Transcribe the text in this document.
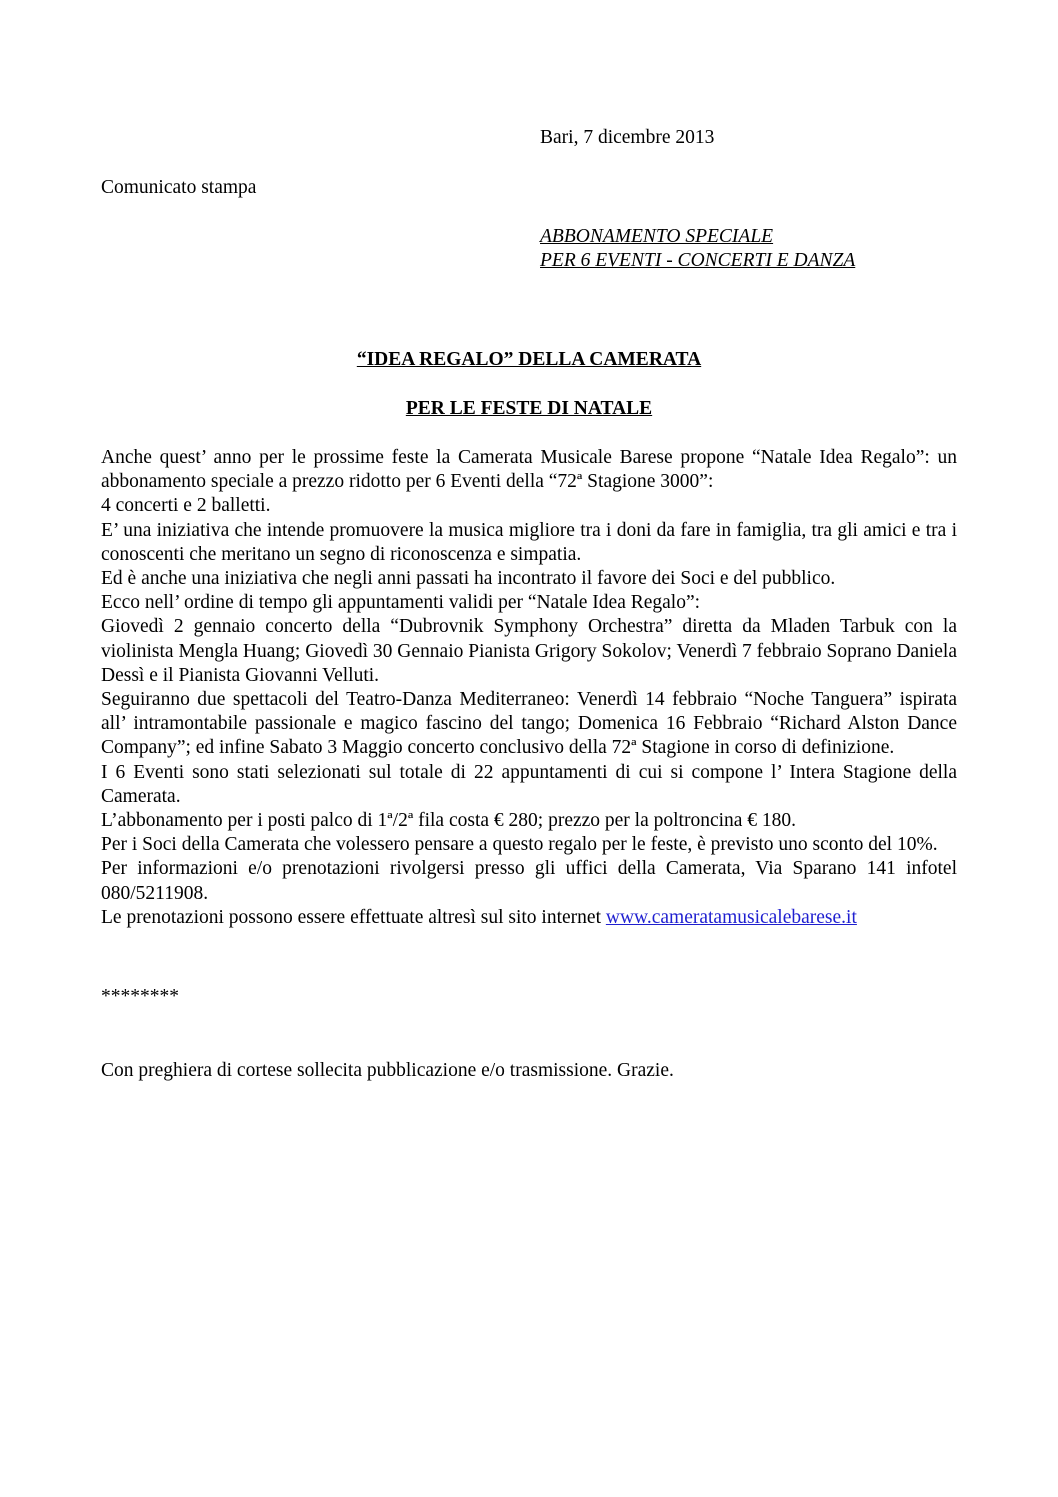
Bari, 7 dicembre 2013
Comunicato stampa
ABBONAMENTO SPECIALE
PER 6 EVENTI - CONCERTI E DANZA
“IDEA REGALO” DELLA CAMERATA
PER LE FESTE DI NATALE

Anche quest’ anno per le prossime feste la Camerata Musicale Barese propone “Natale Idea Regalo”: un abbonamento speciale a prezzo ridotto per 6 Eventi della “72ª Stagione 3000”:

4 concerti e 2 balletti.

E’ una iniziativa che intende promuovere la musica migliore tra i doni da fare in famiglia, tra gli amici e tra i conoscenti che meritano un segno di riconoscenza e simpatia.

Ed è anche una iniziativa che negli anni passati ha incontrato il favore dei Soci e del pubblico.

Ecco nell’ ordine di tempo gli appuntamenti validi per “Natale Idea Regalo”:

Giovedì 2 gennaio concerto della “Dubrovnik Symphony Orchestra” diretta da Mladen Tarbuk con la violinista Mengla Huang; Giovedì 30 Gennaio Pianista Grigory Sokolov; Venerdì 7 febbraio Soprano Daniela Dessì e il Pianista Giovanni Velluti.

Seguiranno due spettacoli del Teatro-Danza Mediterraneo: Venerdì 14 febbraio “Noche Tanguera” ispirata all’ intramontabile passionale e magico fascino del tango; Domenica 16 Febbraio “Richard Alston Dance Company”; ed infine Sabato 3 Maggio concerto conclusivo della 72ª Stagione in corso di definizione.

I 6 Eventi sono stati selezionati sul totale di 22 appuntamenti di cui si compone l’ Intera Stagione della Camerata.

L’abbonamento per i posti palco di 1ª/2ª fila costa € 280; prezzo per la poltroncina € 180.

Per i Soci della Camerata che volessero pensare a questo regalo per le feste, è previsto uno sconto del 10%.

Per informazioni e/o prenotazioni rivolgersi presso gli uffici della Camerata, Via Sparano 141 infotel 080/5211908.

Le prenotazioni possono essere effettuate altresì sul sito internet www.cameratamusicalebarese.it

********
Con preghiera di cortese sollecita pubblicazione e/o trasmissione. Grazie.
